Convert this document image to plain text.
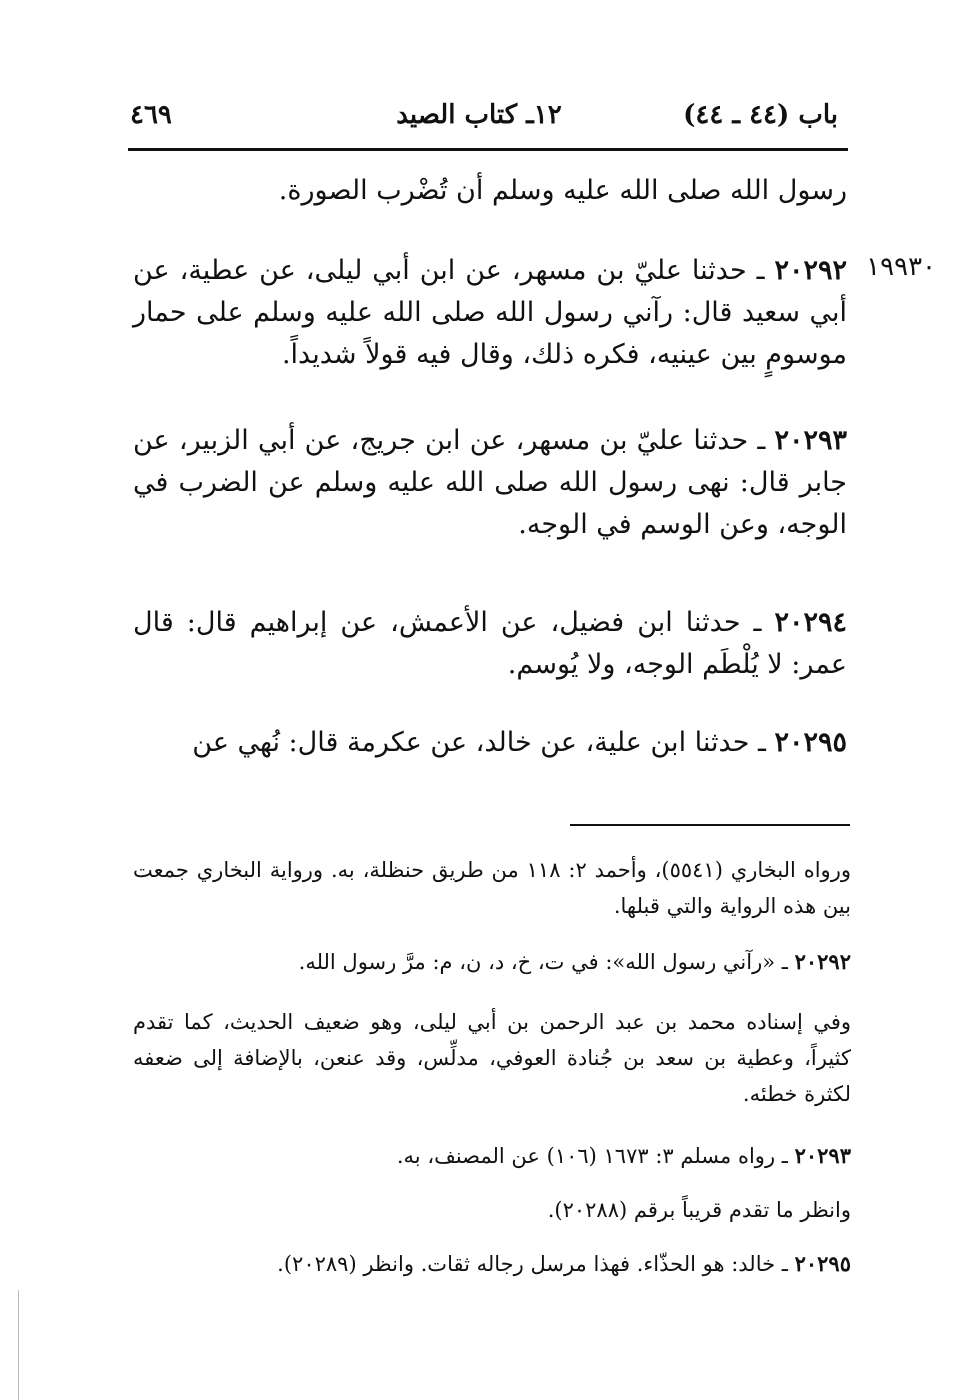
باب (٤٤ ـ ٤٤)
١٢ـ كتاب الصيد
٤٦٩
١٩٩٣٠
رسول الله صلى الله عليه وسلم أن تُضْرب الصورة.
٢٠٢٩٢ ـ حدثنا عليّ بن مسهر، عن ابن أبي ليلى، عن عطية، عن أبي سعيد قال: رآني رسول الله صلى الله عليه وسلم على حمار موسومٍ بين عينيه، فكره ذلك، وقال فيه قولاً شديداً.
٢٠٢٩٣ ـ حدثنا عليّ بن مسهر، عن ابن جريج، عن أبي الزبير، عن جابر قال: نهى رسول الله صلى الله عليه وسلم عن الضرب في الوجه، وعن الوسم في الوجه.
٢٠٢٩٤ ـ حدثنا ابن فضيل، عن الأعمش، عن إبراهيم قال: قال عمر: لا يُلْطَم الوجه، ولا يُوسم.
٢٠٢٩٥ ـ حدثنا ابن علية، عن خالد، عن عكرمة قال: نُهي عن
ورواه البخاري (٥٥٤١)، وأحمد ٢: ١١٨ من طريق حنظلة، به. ورواية البخاري جمعت بين هذه الرواية والتي قبلها.
٢٠٢٩٢ ـ «رآني رسول الله»: في ت، خ، د، ن، م: مرَّ رسول الله.
وفي إسناده محمد بن عبد الرحمن بن أبي ليلى، وهو ضعيف الحديث، كما تقدم كثيراً، وعطية بن سعد بن جُنادة العوفي، مدلِّس، وقد عنعن، بالإضافة إلى ضعفه لكثرة خطئه.
٢٠٢٩٣ ـ رواه مسلم ٣: ١٦٧٣ (١٠٦) عن المصنف، به.
وانظر ما تقدم قريباً برقم (٢٠٢٨٨).
٢٠٢٩٥ ـ خالد: هو الحذّاء. فهذا مرسل رجاله ثقات. وانظر (٢٠٢٨٩).
